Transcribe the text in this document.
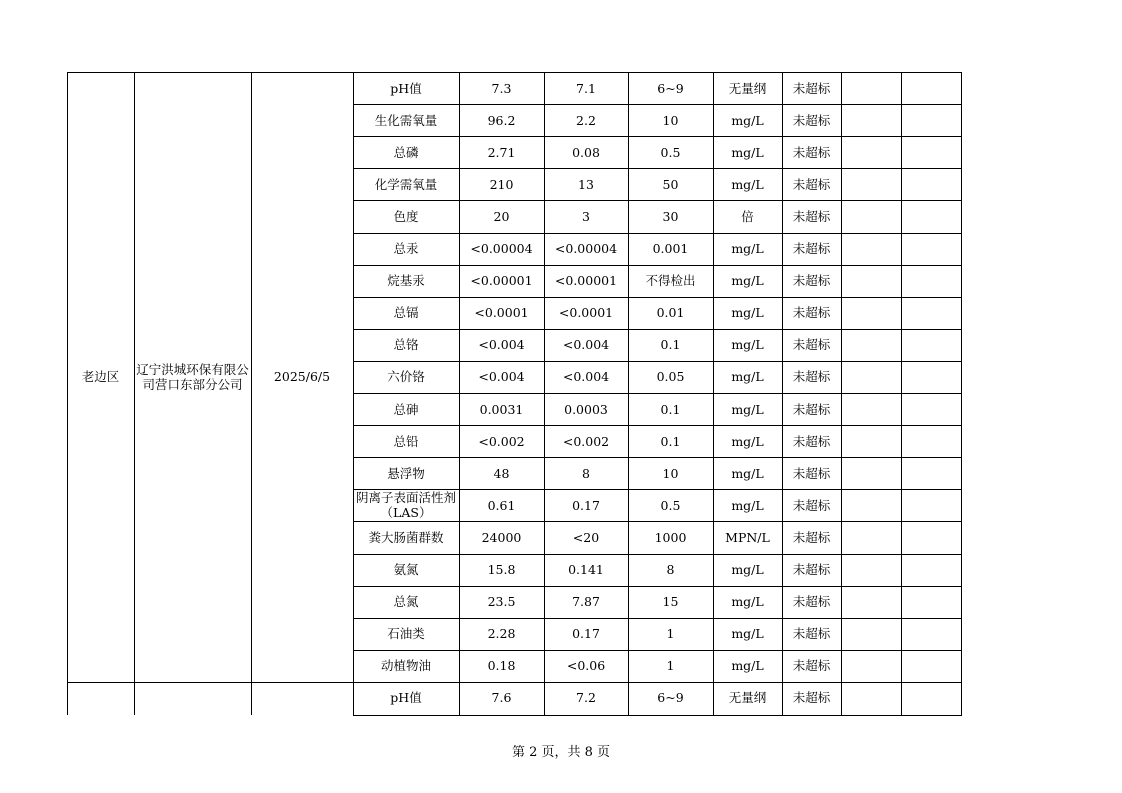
老边区	辽宁洪城环保有限公司营口东部分公司	2025/6/5
pH值	7.3	7.1	6~9	无量纲	未超标
生化需氧量	96.2	2.2	10	mg/L	未超标
总磷	2.71	0.08	0.5	mg/L	未超标
化学需氧量	210	13	50	mg/L	未超标
色度	20	3	30	倍	未超标
总汞	<0.00004	<0.00004	0.001	mg/L	未超标
烷基汞	<0.00001	<0.00001	不得检出	mg/L	未超标
总镉	<0.0001	<0.0001	0.01	mg/L	未超标
总铬	<0.004	<0.004	0.1	mg/L	未超标
六价铬	<0.004	<0.004	0.05	mg/L	未超标
总砷	0.0031	0.0003	0.1	mg/L	未超标
总铅	<0.002	<0.002	0.1	mg/L	未超标
悬浮物	48	8	10	mg/L	未超标
阴离子表面活性剂（LAS）	0.61	0.17	0.5	mg/L	未超标
粪大肠菌群数	24000	<20	1000	MPN/L	未超标
氨氮	15.8	0.141	8	mg/L	未超标
总氮	23.5	7.87	15	mg/L	未超标
石油类	2.28	0.17	1	mg/L	未超标
动植物油	0.18	<0.06	1	mg/L	未超标
pH值	7.6	7.2	6~9	无量纲	未超标
第 2 页，共 8 页
